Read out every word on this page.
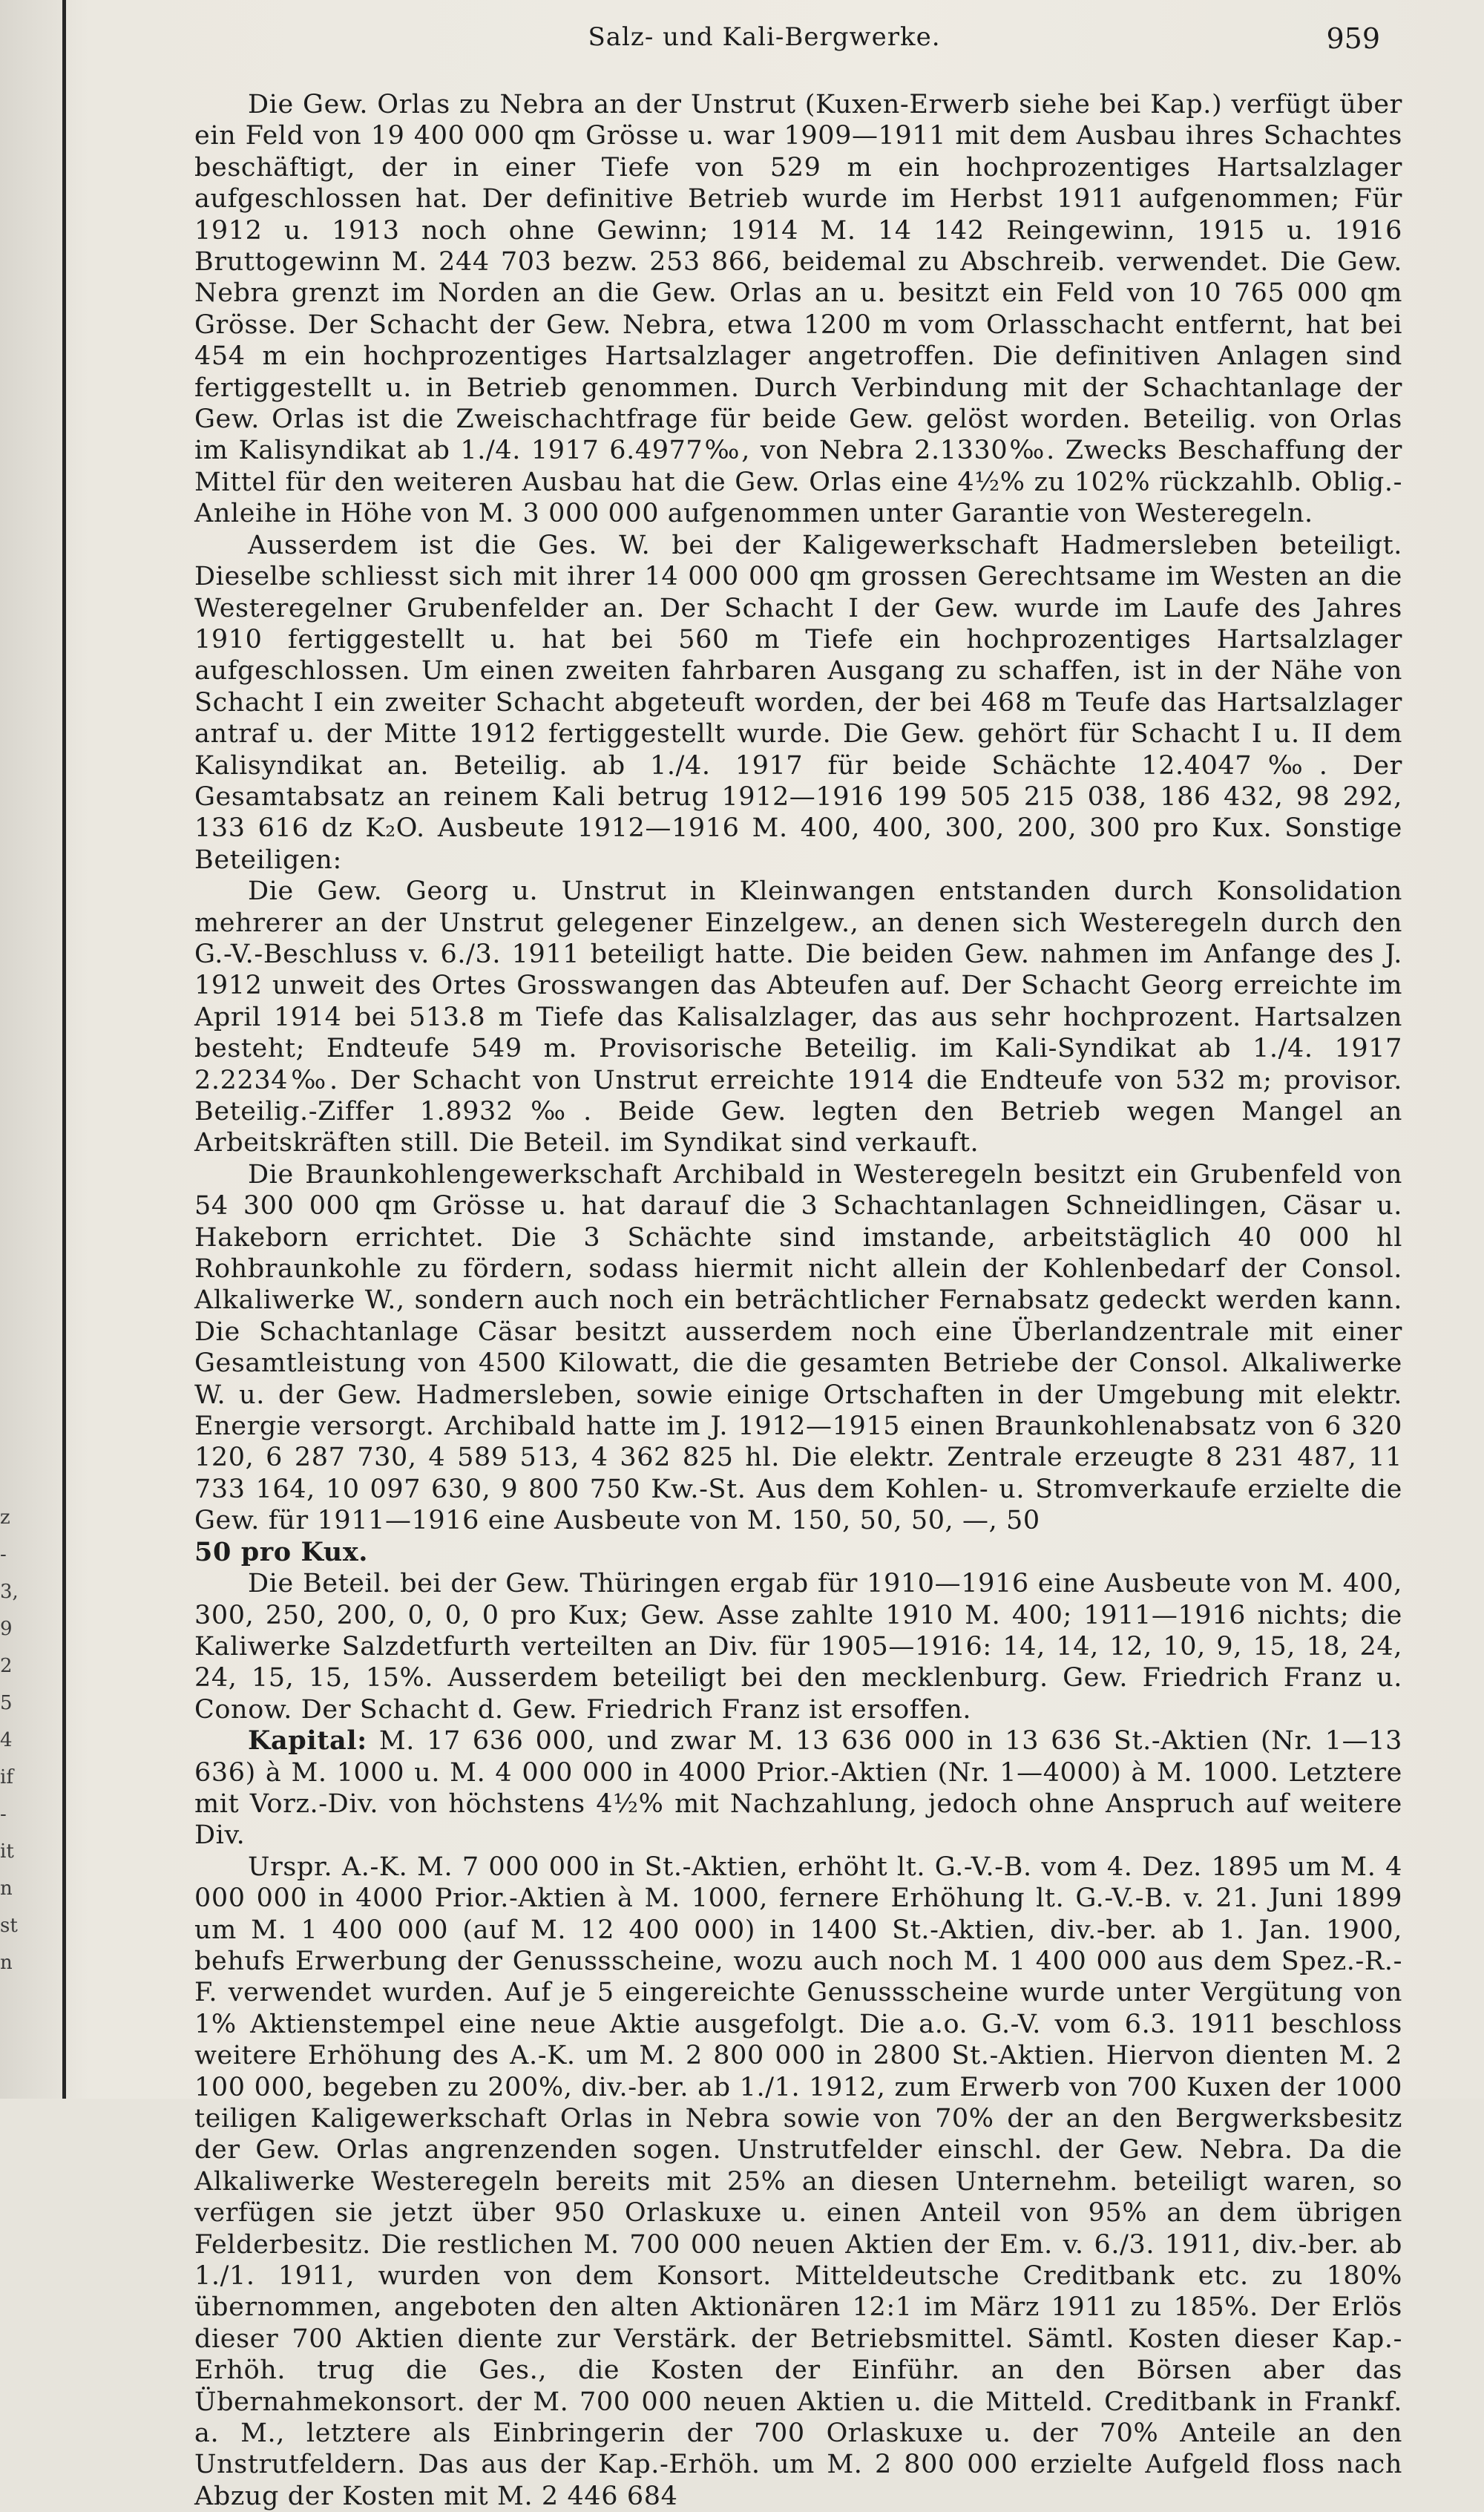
z
-
3,
9
2
5
4
if
-
it
n
st
n
Salz- und Kali-Bergwerke.	959

Die Gew. Orlas zu Nebra an der Unstrut (Kuxen-Erwerb siehe bei Kap.) verfügt über ein Feld von 19 400 000 qm Grösse u. war 1909—1911 mit dem Ausbau ihres Schachtes beschäftigt, der in einer Tiefe von 529 m ein hochprozentiges Hartsalzlager aufgeschlossen hat. Der definitive Betrieb wurde im Herbst 1911 aufgenommen; Für 1912 u. 1913 noch ohne Gewinn; 1914 M. 14 142 Reingewinn, 1915 u. 1916 Bruttogewinn M. 244 703 bezw. 253 866, beidemal zu Abschreib. verwendet. Die Gew. Nebra grenzt im Norden an die Gew. Orlas an u. besitzt ein Feld von 10 765 000 qm Grösse. Der Schacht der Gew. Nebra, etwa 1200 m vom Orlasschacht entfernt, hat bei 454 m ein hochprozentiges Hartsalzlager angetroffen. Die definitiven Anlagen sind fertiggestellt u. in Betrieb genommen. Durch Verbindung mit der Schachtanlage der Gew. Orlas ist die Zweischachtfrage für beide Gew. gelöst worden. Beteilig. von Orlas im Kalisyndikat ab 1./4. 1917 6.4977‰, von Nebra 2.1330‰. Zwecks Beschaffung der Mittel für den weiteren Ausbau hat die Gew. Orlas eine 4½% zu 102% rückzahlb. Oblig.-Anleihe in Höhe von M. 3 000 000 aufgenommen unter Garantie von Westeregeln.

Ausserdem ist die Ges. W. bei der Kaligewerkschaft Hadmersleben beteiligt. Dieselbe schliesst sich mit ihrer 14 000 000 qm grossen Gerechtsame im Westen an die Westeregelner Grubenfelder an. Der Schacht I der Gew. wurde im Laufe des Jahres 1910 fertiggestellt u. hat bei 560 m Tiefe ein hochprozentiges Hartsalzlager aufgeschlossen. Um einen zweiten fahrbaren Ausgang zu schaffen, ist in der Nähe von Schacht I ein zweiter Schacht abgeteuft worden, der bei 468 m Teufe das Hartsalzlager antraf u. der Mitte 1912 fertiggestellt wurde. Die Gew. gehört für Schacht I u. II dem Kalisyndikat an. Beteilig. ab 1./4. 1917 für beide Schächte 12.4047‰. Der Gesamtabsatz an reinem Kali betrug 1912—1916 199 505 215 038, 186 432, 98 292, 133 616 dz K₂O. Ausbeute 1912—1916 M. 400, 400, 300, 200, 300 pro Kux. Sonstige Beteiligen:

Die Gew. Georg u. Unstrut in Kleinwangen entstanden durch Konsolidation mehrerer an der Unstrut gelegener Einzelgew., an denen sich Westeregeln durch den G.-V.-Beschluss v. 6./3. 1911 beteiligt hatte. Die beiden Gew. nahmen im Anfange des J. 1912 unweit des Ortes Grosswangen das Abteufen auf. Der Schacht Georg erreichte im April 1914 bei 513.8 m Tiefe das Kalisalzlager, das aus sehr hochprozent. Hartsalzen besteht; Endteufe 549 m. Provisorische Beteilig. im Kali-Syndikat ab 1./4. 1917 2.2234‰. Der Schacht von Unstrut erreichte 1914 die Endteufe von 532 m; provisor. Beteilig.-Ziffer 1.8932‰. Beide Gew. legten den Betrieb wegen Mangel an Arbeitskräften still. Die Beteil. im Syndikat sind verkauft.

Die Braunkohlengewerkschaft Archibald in Westeregeln besitzt ein Grubenfeld von 54 300 000 qm Grösse u. hat darauf die 3 Schachtanlagen Schneidlingen, Cäsar u. Hakeborn errichtet. Die 3 Schächte sind imstande, arbeitstäglich 40 000 hl Rohbraunkohle zu fördern, sodass hiermit nicht allein der Kohlenbedarf der Consol. Alkaliwerke W., sondern auch noch ein beträchtlicher Fernabsatz gedeckt werden kann. Die Schachtanlage Cäsar besitzt ausserdem noch eine Überlandzentrale mit einer Gesamtleistung von 4500 Kilowatt, die die gesamten Betriebe der Consol. Alkaliwerke W. u. der Gew. Hadmersleben, sowie einige Ortschaften in der Umgebung mit elektr. Energie versorgt. Archibald hatte im J. 1912—1915 einen Braunkohlenabsatz von 6 320 120, 6 287 730, 4 589 513, 4 362 825 hl. Die elektr. Zentrale erzeugte 8 231 487, 11 733 164, 10 097 630, 9 800 750 Kw.-St. Aus dem Kohlen- u. Stromverkaufe erzielte die Gew. für 1911—1916 eine Ausbeute von M. 150, 50, 50, —, 50

50 pro Kux.

Die Beteil. bei der Gew. Thüringen ergab für 1910—1916 eine Ausbeute von M. 400, 300, 250, 200, 0, 0, 0 pro Kux; Gew. Asse zahlte 1910 M. 400; 1911—1916 nichts; die Kaliwerke Salzdetfurth verteilten an Div. für 1905—1916: 14, 14, 12, 10, 9, 15, 18, 24, 24, 15, 15, 15%. Ausserdem beteiligt bei den mecklenburg. Gew. Friedrich Franz u. Conow. Der Schacht d. Gew. Friedrich Franz ist ersoffen.

Kapital: M. 17 636 000, und zwar M. 13 636 000 in 13 636 St.-Aktien (Nr. 1—13 636) à M. 1000 u. M. 4 000 000 in 4000 Prior.-Aktien (Nr. 1—4000) à M. 1000. Letztere mit Vorz.-Div. von höchstens 4½% mit Nachzahlung, jedoch ohne Anspruch auf weitere Div.

Urspr. A.-K. M. 7 000 000 in St.-Aktien, erhöht lt. G.-V.-B. vom 4. Dez. 1895 um M. 4 000 000 in 4000 Prior.-Aktien à M. 1000, fernere Erhöhung lt. G.-V.-B. v. 21. Juni 1899 um M. 1 400 000 (auf M. 12 400 000) in 1400 St.-Aktien, div.-ber. ab 1. Jan. 1900, behufs Erwerbung der Genussscheine, wozu auch noch M. 1 400 000 aus dem Spez.-R.-F. verwendet wurden. Auf je 5 eingereichte Genussscheine wurde unter Vergütung von 1% Aktienstempel eine neue Aktie ausgefolgt. Die a.o. G.-V. vom 6.3. 1911 beschloss weitere Erhöhung des A.-K. um M. 2 800 000 in 2800 St.-Aktien. Hiervon dienten M. 2 100 000, begeben zu 200%, div.-ber. ab 1./1. 1912, zum Erwerb von 700 Kuxen der 1000 teiligen Kaligewerkschaft Orlas in Nebra sowie von 70% der an den Bergwerksbesitz der Gew. Orlas angrenzenden sogen. Unstrutfelder einschl. der Gew. Nebra. Da die Alkaliwerke Westeregeln bereits mit 25% an diesen Unternehm. beteiligt waren, so verfügen sie jetzt über 950 Orlaskuxe u. einen Anteil von 95% an dem übrigen Felderbesitz. Die restlichen M. 700 000 neuen Aktien der Em. v. 6./3. 1911, div.-ber. ab 1./1. 1911, wurden von dem Konsort. Mitteldeutsche Creditbank etc. zu 180% übernommen, angeboten den alten Aktionären 12:1 im März 1911 zu 185%. Der Erlös dieser 700 Aktien diente zur Verstärk. der Betriebsmittel. Sämtl. Kosten dieser Kap.-Erhöh. trug die Ges., die Kosten der Einführ. an den Börsen aber das Übernahmekonsort. der M. 700 000 neuen Aktien u. die Mitteld. Creditbank in Frankf. a. M., letztere als Einbringerin der 700 Orlaskuxe u. der 70% Anteile an den Unstrutfeldern. Das aus der Kap.-Erhöh. um M. 2 800 000 erzielte Aufgeld floss nach Abzug der Kosten mit M. 2 446 684
